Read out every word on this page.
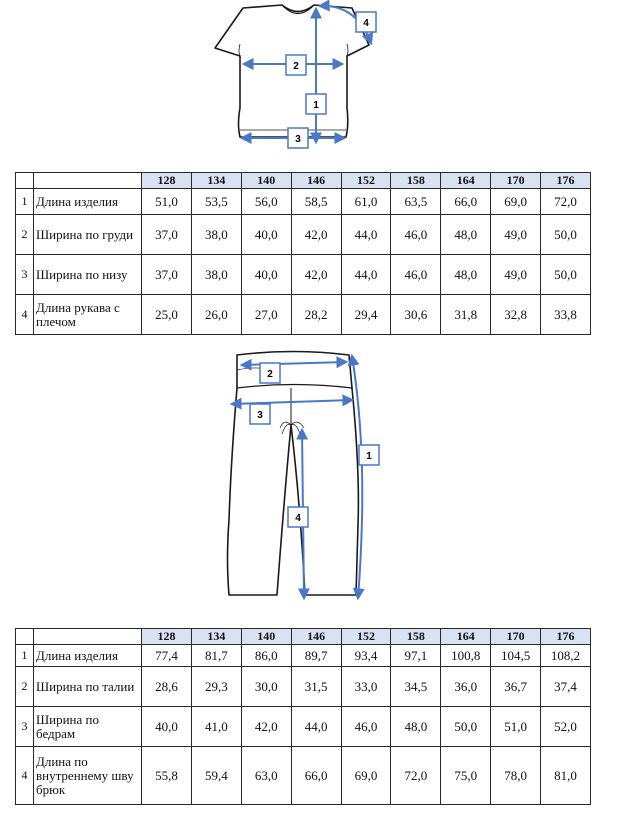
1
2
3
4
		128	134	140	146	152	158	164	170	176
1	Длина изделия	51,0	53,5	56,0	58,5	61,0	63,5	66,0	69,0	72,0
2	Ширина по груди	37,0	38,0	40,0	42,0	44,0	46,0	48,0	49,0	50,0
3	Ширина по низу	37,0	38,0	40,0	42,0	44,0	46,0	48,0	49,0	50,0
4	Длина рукава с плечом	25,0	26,0	27,0	28,2	29,4	30,6	31,8	32,8	33,8
1
2
3
4
		128	134	140	146	152	158	164	170	176
1	Длина изделия	77,4	81,7	86,0	89,7	93,4	97,1	100,8	104,5	108,2
2	Ширина по талии	28,6	29,3	30,0	31,5	33,0	34,5	36,0	36,7	37,4
3	Ширина по бедрам	40,0	41,0	42,0	44,0	46,0	48,0	50,0	51,0	52,0
4	Длина по внутреннему шву брюк	55,8	59,4	63,0	66,0	69,0	72,0	75,0	78,0	81,0
